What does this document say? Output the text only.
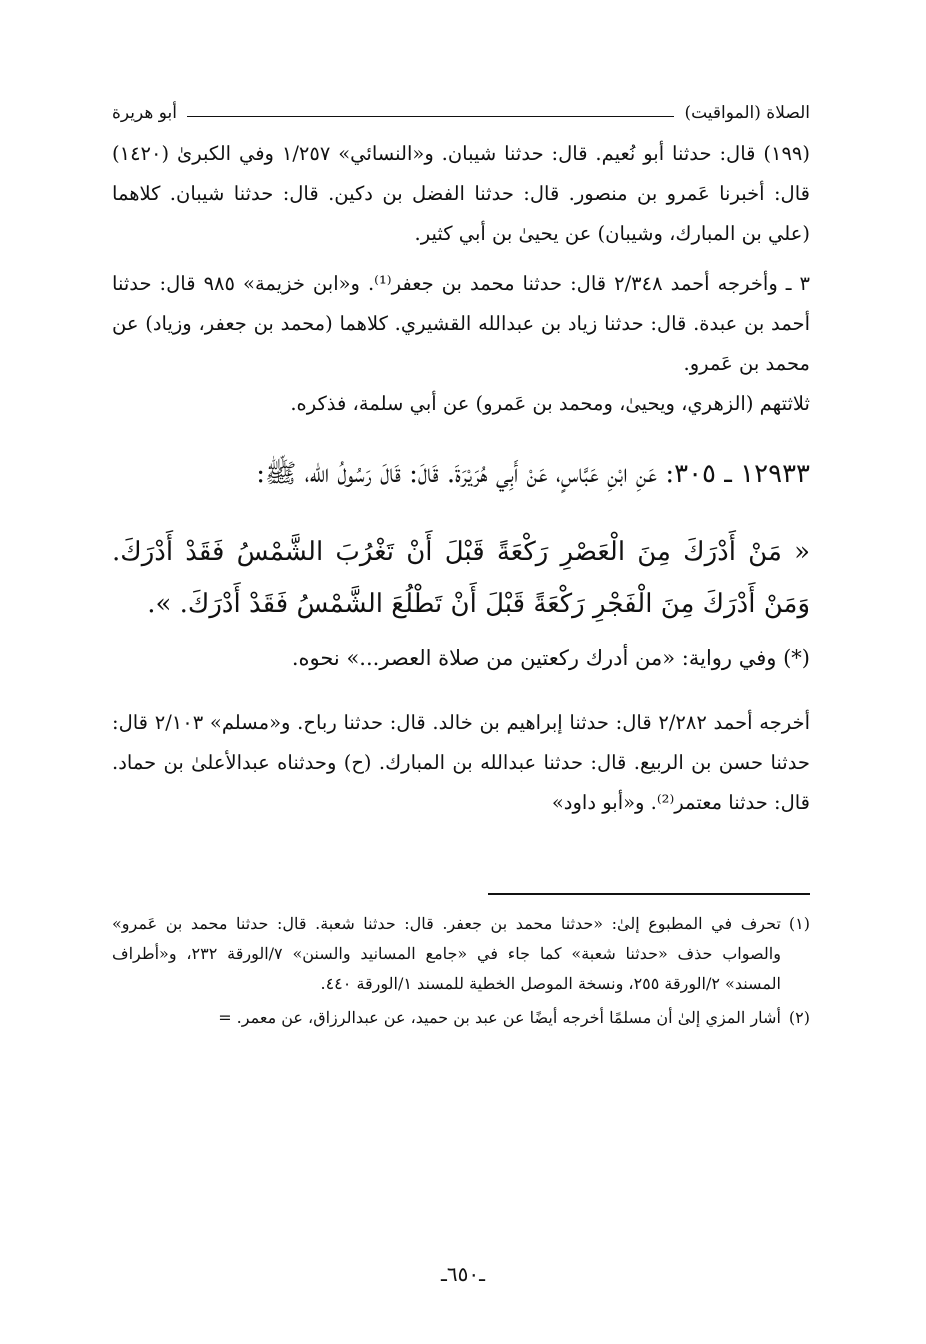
الصلاة (المواقيت)
أبو هريرة

(١٩٩) قال: حدثنا أبو نُعيم. قال: حدثنا شيبان. و«النسائي» ١/٢٥٧ وفي الكبرىٰ (١٤٢٠) قال: أخبرنا عَمرو بن منصور. قال: حدثنا الفضل بن دكين. قال: حدثنا شيبان. كلاهما (علي بن المبارك، وشيبان) عن يحيىٰ بن أبي كثير.

٣ ـ وأخرجه أحمد ٢/٣٤٨ قال: حدثنا محمد بن جعفر⁽¹⁾. و«ابن خزيمة» ٩٨٥ قال: حدثنا أحمد بن عبدة. قال: حدثنا زياد بن عبدالله القشيري. كلاهما (محمد بن جعفر، وزياد) عن محمد بن عَمرو.

ثلاثتهم (الزهري، ويحيىٰ، ومحمد بن عَمرو) عن أبي سلمة، فذكره.

١٢٩٣٣ ـ ٣٠٥: عَنِ ابْنِ عَبَّاسٍ، عَنْ أَبِي هُرَيْرَةَ. قَالَ: قَالَ رَسُولُ الله، ﷺ:

« مَنْ أَدْرَكَ مِنَ الْعَصْرِ رَكْعَةً قَبْلَ أَنْ تَغْرُبَ الشَّمْسُ فَقَدْ أَدْرَكَ. وَمَنْ أَدْرَكَ مِنَ الْفَجْرِ رَكْعَةً قَبْلَ أَنْ تَطْلُعَ الشَّمْسُ فَقَدْ أَدْرَكَ. ».

(*) وفي رواية: «من أدرك ركعتين من صلاة العصر...» نحوه.

أخرجه أحمد ٢/٢٨٢ قال: حدثنا إبراهيم بن خالد. قال: حدثنا رباح. و«مسلم» ٢/١٠٣ قال: حدثنا حسن بن الربيع. قال: حدثنا عبدالله بن المبارك. (ح) وحدثناه عبدالأعلىٰ بن حماد. قال: حدثنا معتمر⁽²⁾. و«أبو داود»

(١)
تحرف في المطبوع إلىٰ: «حدثنا محمد بن جعفر. قال: حدثنا شعبة. قال: حدثنا محمد بن عَمرو» والصواب حذف «حدثنا شعبة» كما جاء في «جامع المسانيد والسنن» ٧/الورقة ٢٣٢، و«أطراف المسند» ٢/الورقة ٢٥٥، ونسخة الموصل الخطية للمسند ١/الورقة ٤٤٠.
(٢)
أشار المزي إلىٰ أن مسلمًا أخرجه أيضًا عن عبد بن حميد، عن عبدالرزاق، عن معمر. =
ـ٦٥٠ـ
